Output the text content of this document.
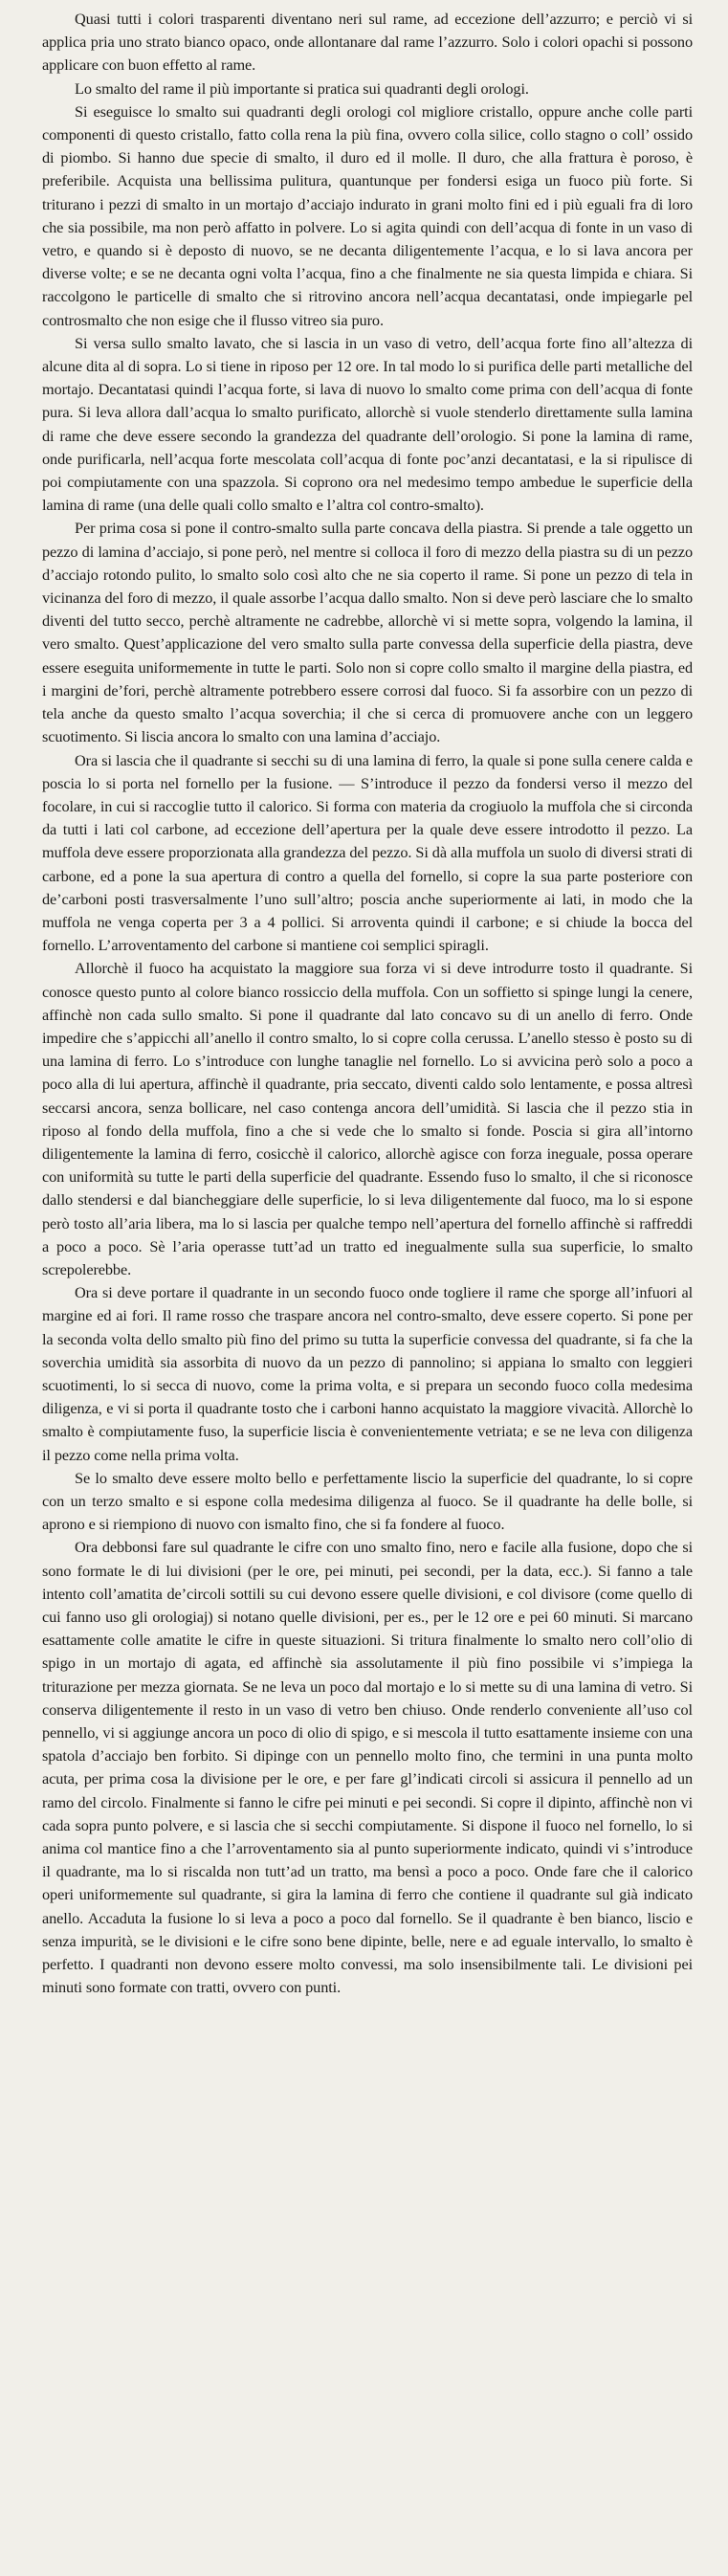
Quasi tutti i colori trasparenti diventano neri sul rame, ad eccezione dell’azzurro; e perciò vi si applica pria uno strato bianco opaco, onde allontanare dal rame l’azzurro. Solo i colori opachi si possono applicare con buon effetto al rame.

Lo smalto del rame il più importante si pratica sui quadranti degli orologi.

Si eseguisce lo smalto sui quadranti degli orologi col migliore cristallo, oppure anche colle parti componenti di questo cristallo, fatto colla rena la più fina, ovvero colla silice, collo stagno o coll’ ossido di piombo. Si hanno due specie di smalto, il duro ed il molle. Il duro, che alla frattura è poroso, è preferibile. Acquista una bellissima pulitura, quantunque per fondersi esiga un fuoco più forte. Si triturano i pezzi di smalto in un mortajo d’acciajo indurato in grani molto fini ed i più eguali fra di loro che sia possibile, ma non però affatto in polvere. Lo si agita quindi con dell’acqua di fonte in un vaso di vetro, e quando si è deposto di nuovo, se ne decanta diligentemente l’acqua, e lo si lava ancora per diverse volte; e se ne decanta ogni volta l’acqua, fino a che finalmente ne sia questa limpida e chiara. Si raccolgono le particelle di smalto che si ritrovino ancora nell’acqua decantatasi, onde impiegarle pel controsmalto che non esige che il flusso vitreo sia puro.

Si versa sullo smalto lavato, che si lascia in un vaso di vetro, dell’acqua forte fino all’altezza di alcune dita al di sopra. Lo si tiene in riposo per 12 ore. In tal modo lo si purifica delle parti metalliche del mortajo. Decantatasi quindi l’acqua forte, si lava di nuovo lo smalto come prima con dell’acqua di fonte pura. Si leva allora dall’acqua lo smalto purificato, allorchè si vuole stenderlo direttamente sulla lamina di rame che deve essere secondo la grandezza del quadrante dell’orologio. Si pone la lamina di rame, onde purificarla, nell’acqua forte mescolata coll’acqua di fonte poc’anzi decantatasi, e la si ripulisce di poi compiutamente con una spazzola. Si coprono ora nel medesimo tempo ambedue le superficie della lamina di rame (una delle quali collo smalto e l’altra col contro-smalto).

Per prima cosa si pone il contro-smalto sulla parte concava della piastra. Si prende a tale oggetto un pezzo di lamina d’acciajo, si pone però, nel mentre si colloca il foro di mezzo della piastra su di un pezzo d’acciajo rotondo pulito, lo smalto solo così alto che ne sia coperto il rame. Si pone un pezzo di tela in vicinanza del foro di mezzo, il quale assorbe l’acqua dallo smalto. Non si deve però lasciare che lo smalto diventi del tutto secco, perchè altramente ne cadrebbe, allorchè vi si mette sopra, volgendo la lamina, il vero smalto. Quest’applicazione del vero smalto sulla parte convessa della superficie della piastra, deve essere eseguita uniformemente in tutte le parti. Solo non si copre collo smalto il margine della piastra, ed i margini de’fori, perchè altramente potrebbero essere corrosi dal fuoco. Si fa assorbire con un pezzo di tela anche da questo smalto l’acqua soverchia; il che si cerca di promuovere anche con un leggero scuotimento. Si liscia ancora lo smalto con una lamina d’acciajo.

Ora si lascia che il quadrante si secchi su di una lamina di ferro, la quale si pone sulla cenere calda e poscia lo si porta nel fornello per la fusione. — S’introduce il pezzo da fondersi verso il mezzo del focolare, in cui si raccoglie tutto il calorico. Si forma con materia da crogiuolo la muffola che si circonda da tutti i lati col carbone, ad eccezione dell’apertura per la quale deve essere introdotto il pezzo. La muffola deve essere proporzionata alla grandezza del pezzo. Si dà alla muffola un suolo di diversi strati di carbone, ed a pone la sua apertura di contro a quella del fornello, si copre la sua parte posteriore con de’carboni posti trasversalmente l’uno sull’altro; poscia anche superiormente ai lati, in modo che la muffola ne venga coperta per 3 a 4 pollici. Si arroventa quindi il carbone; e si chiude la bocca del fornello. L’arroventamento del carbone si mantiene coi semplici spiragli.

Allorchè il fuoco ha acquistato la maggiore sua forza vi si deve introdurre tosto il quadrante. Si conosce questo punto al colore bianco rossiccio della muffola. Con un soffietto si spinge lungi la cenere, affinchè non cada sullo smalto. Si pone il quadrante dal lato concavo su di un anello di ferro. Onde impedire che s’appicchi all’anello il contro smalto, lo si copre colla cerussa. L’anello stesso è posto su di una lamina di ferro. Lo s’introduce con lunghe tanaglie nel fornello. Lo si avvicina però solo a poco a poco alla di lui apertura, affinchè il quadrante, pria seccato, diventi caldo solo lentamente, e possa altresì seccarsi ancora, senza bollicare, nel caso contenga ancora dell’umidità. Si lascia che il pezzo stia in riposo al fondo della muffola, fino a che si vede che lo smalto si fonde. Poscia si gira all’intorno diligentemente la lamina di ferro, cosicchè il calorico, allorchè agisce con forza ineguale, possa operare con uniformità su tutte le parti della superficie del quadrante. Essendo fuso lo smalto, il che si riconosce dallo stendersi e dal biancheggiare delle superficie, lo si leva diligentemente dal fuoco, ma lo si espone però tosto all’aria libera, ma lo si lascia per qualche tempo nell’apertura del fornello affinchè si raffreddi a poco a poco. Sè l’aria operasse tutt’ad un tratto ed inegualmente sulla sua superficie, lo smalto screpolerebbe.

Ora si deve portare il quadrante in un secondo fuoco onde togliere il rame che sporge all’infuori al margine ed ai fori. Il rame rosso che traspare ancora nel contro-smalto, deve essere coperto. Si pone per la seconda volta dello smalto più fino del primo su tutta la superficie convessa del quadrante, si fa che la soverchia umidità sia assorbita di nuovo da un pezzo di pannolino; si appiana lo smalto con leggieri scuotimenti, lo si secca di nuovo, come la prima volta, e si prepara un secondo fuoco colla medesima diligenza, e vi si porta il quadrante tosto che i carboni hanno acquistato la maggiore vivacità. Allorchè lo smalto è compiutamente fuso, la superficie liscia è convenientemente vetriata; e se ne leva con diligenza il pezzo come nella prima volta.

Se lo smalto deve essere molto bello e perfettamente liscio la superficie del quadrante, lo si copre con un terzo smalto e si espone colla medesima diligenza al fuoco. Se il quadrante ha delle bolle, si aprono e si riempiono di nuovo con ismalto fino, che si fa fondere al fuoco.

Ora debbonsi fare sul quadrante le cifre con uno smalto fino, nero e facile alla fusione, dopo che si sono formate le di lui divisioni (per le ore, pei minuti, pei secondi, per la data, ecc.). Si fanno a tale intento coll’amatita de’circoli sottili su cui devono essere quelle divisioni, e col divisore (come quello di cui fanno uso gli orologiaj) si notano quelle divisioni, per es., per le 12 ore e pei 60 minuti. Si marcano esattamente colle amatite le cifre in queste situazioni. Si tritura finalmente lo smalto nero coll’olio di spigo in un mortajo di agata, ed affinchè sia assolutamente il più fino possibile vi s’impiega la triturazione per mezza giornata. Se ne leva un poco dal mortajo e lo si mette su di una lamina di vetro. Si conserva diligentemente il resto in un vaso di vetro ben chiuso. Onde renderlo conveniente all’uso col pennello, vi si aggiunge ancora un poco di olio di spigo, e si mescola il tutto esattamente insieme con una spatola d’acciajo ben forbito. Si dipinge con un pennello molto fino, che termini in una punta molto acuta, per prima cosa la divisione per le ore, e per fare gl’indicati circoli si assicura il pennello ad un ramo del circolo. Finalmente si fanno le cifre pei minuti e pei secondi. Si copre il dipinto, affinchè non vi cada sopra punto polvere, e si lascia che si secchi compiutamente. Si dispone il fuoco nel fornello, lo si anima col mantice fino a che l’arroventamento sia al punto superiormente indicato, quindi vi s’introduce il quadrante, ma lo si riscalda non tutt’ad un tratto, ma bensì a poco a poco. Onde fare che il calorico operi uniformemente sul quadrante, si gira la lamina di ferro che contiene il quadrante sul già indicato anello. Accaduta la fusione lo si leva a poco a poco dal fornello. Se il quadrante è ben bianco, liscio e senza impurità, se le divisioni e le cifre sono bene dipinte, belle, nere e ad eguale intervallo, lo smalto è perfetto. I quadranti non devono essere molto convessi, ma solo insensibilmente tali. Le divisioni pei minuti sono formate con tratti, ovvero con punti.
